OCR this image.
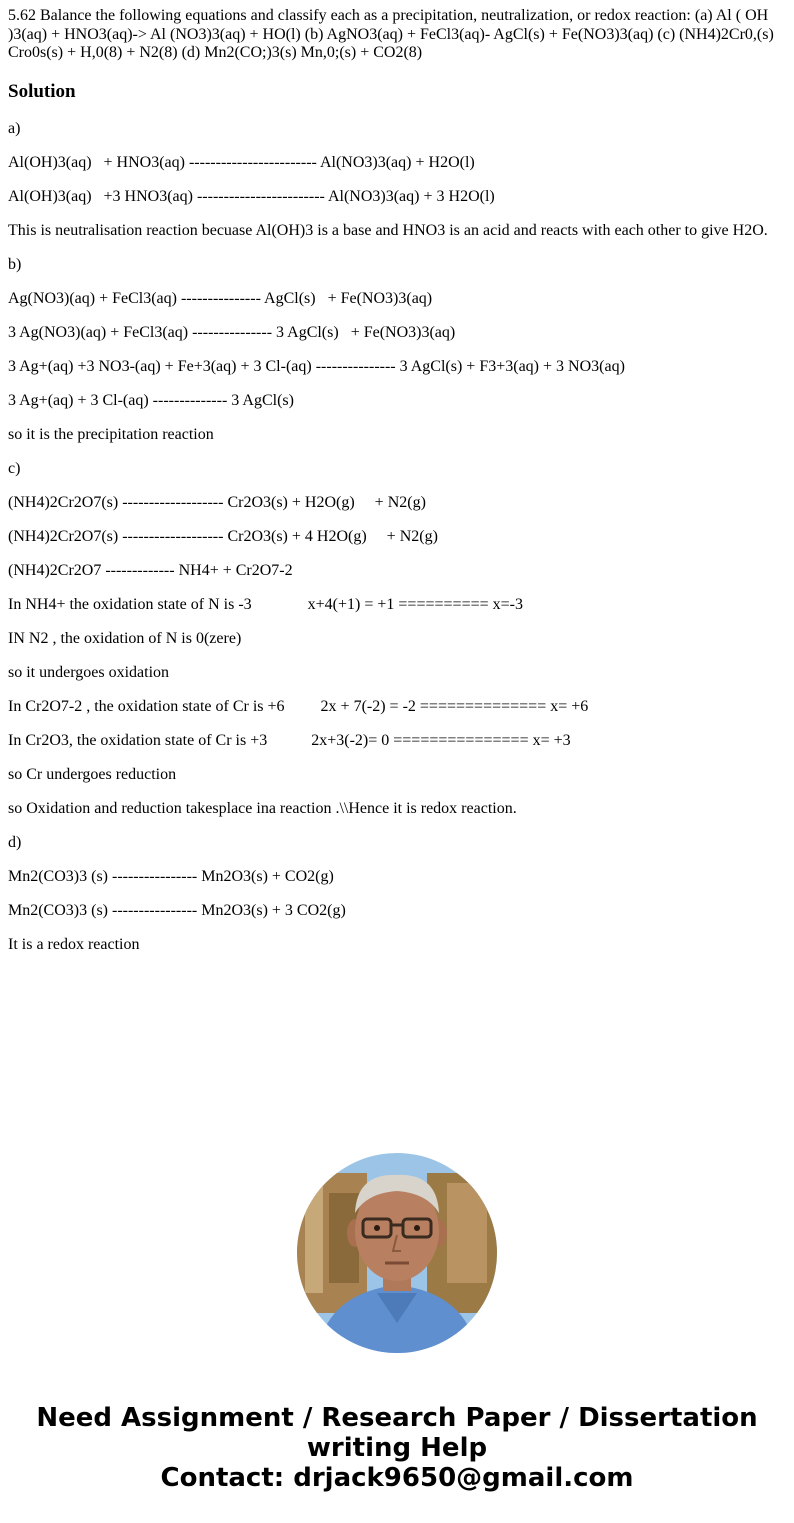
5.62 Balance the following equations and classify each as a precipitation, neutralization, or redox reaction: (a) Al ( OH )3(aq) + HNO3(aq)-> Al (NO3)3(aq) + HO(l) (b) AgNO3(aq) + FeCl3(aq)- AgCl(s) + Fe(NO3)3(aq) (c) (NH4)2Cr0,(s) Cro0s(s) + H,0(8) + N2(8) (d) Mn2(CO;)3(s) Mn,0;(s) + CO2(8)

Solution

a)

Al(OH)3(aq)   + HNO3(aq) ------------------------ Al(NO3)3(aq) + H2O(l)

Al(OH)3(aq)   +3 HNO3(aq) ------------------------ Al(NO3)3(aq) + 3 H2O(l)

This is neutralisation reaction becuase Al(OH)3 is a base and HNO3 is an acid and reacts with each other to give H2O.

b)

Ag(NO3)(aq) + FeCl3(aq) --------------- AgCl(s)   + Fe(NO3)3(aq)

3 Ag(NO3)(aq) + FeCl3(aq) --------------- 3 AgCl(s)   + Fe(NO3)3(aq)

3 Ag+(aq) +3 NO3-(aq) + Fe+3(aq) + 3 Cl-(aq) --------------- 3 AgCl(s) + F3+3(aq) + 3 NO3(aq)

3 Ag+(aq) + 3 Cl-(aq) -------------- 3 AgCl(s)

so it is the precipitation reaction

c)

(NH4)2Cr2O7(s) ------------------- Cr2O3(s) + H2O(g)     + N2(g)

(NH4)2Cr2O7(s) ------------------- Cr2O3(s) + 4 H2O(g)     + N2(g)

(NH4)2Cr2O7 ------------- NH4+ + Cr2O7-2

In NH4+ the oxidation state of N is -3              x+4(+1) = +1 ========== x=-3

IN N2 , the oxidation of N is 0(zere)

so it undergoes oxidation

In Cr2O7-2 , the oxidation state of Cr is +6         2x + 7(-2) = -2 ============== x= +6

In Cr2O3, the oxidation state of Cr is +3           2x+3(-2)= 0 =============== x= +3

so Cr undergoes reduction

so Oxidation and reduction takesplace ina reaction .\\Hence it is redox reaction.

d)

Mn2(CO3)3 (s) ---------------- Mn2O3(s) + CO2(g)

Mn2(CO3)3 (s) ---------------- Mn2O3(s) + 3 CO2(g)

It is a redox reaction

Need Assignment / Research Paper / Dissertation
writing Help
Contact: drjack9650@gmail.com
